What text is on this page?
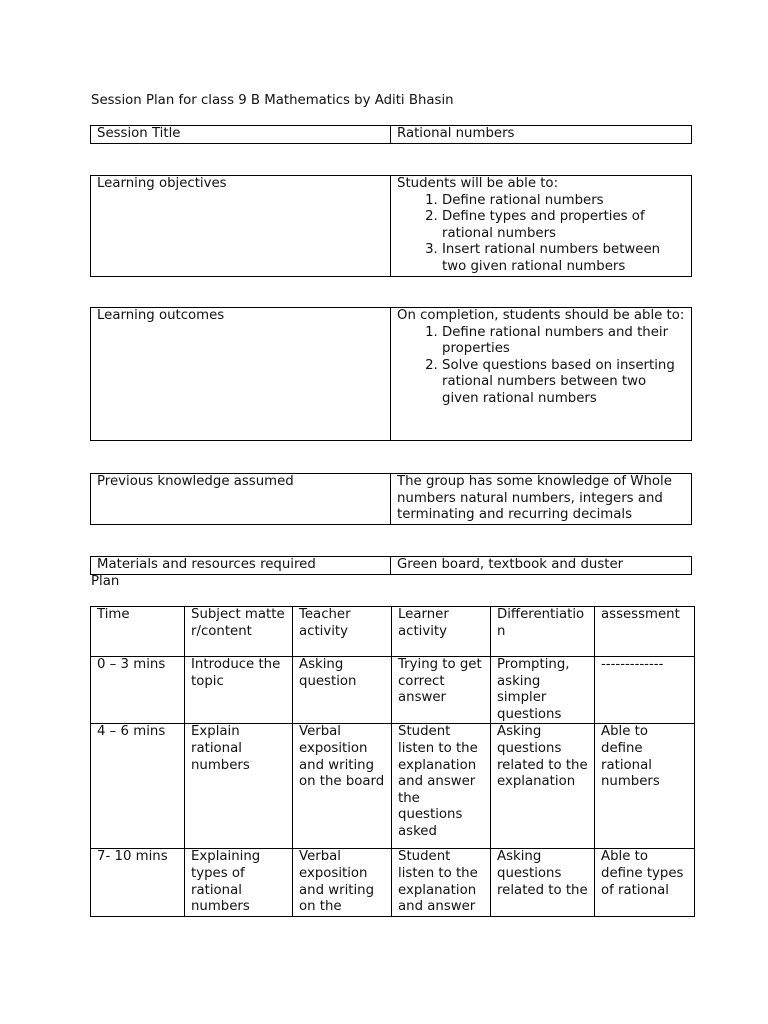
Session Plan for class 9 B Mathematics by Aditi Bhasin
Session Title	Rational numbers
Learning objectives	Students will be able to:
1. Define rational numbers
2. Define types and properties of rational numbers
3. Insert rational numbers between two given rational numbers
Learning outcomes	On completion, students should be able to:
1. Define rational numbers and their properties
2. Solve questions based on inserting rational numbers between two given rational numbers
Previous knowledge assumed	The group has some knowledge of Whole numbers natural numbers, integers and terminating and recurring decimals
Materials and resources required	Green board, textbook and duster
Plan
Time	Subject matter/content	Teacher activity	Learner activity	Differentiation	assessment
0 – 3 mins	Introduce the topic	Asking question	Trying to get correct answer	Prompting, asking simpler questions	-------------
4 – 6 mins	Explain rational numbers	Verbal exposition and writing on the board	Student listen to the explanation and answer the questions asked	Asking questions related to the explanation	Able to define rational numbers
7- 10 mins	Explaining types of rational numbers	Verbal exposition and writing on the	Student listen to the explanation and answer	Asking questions related to the	Able to define types of rational
